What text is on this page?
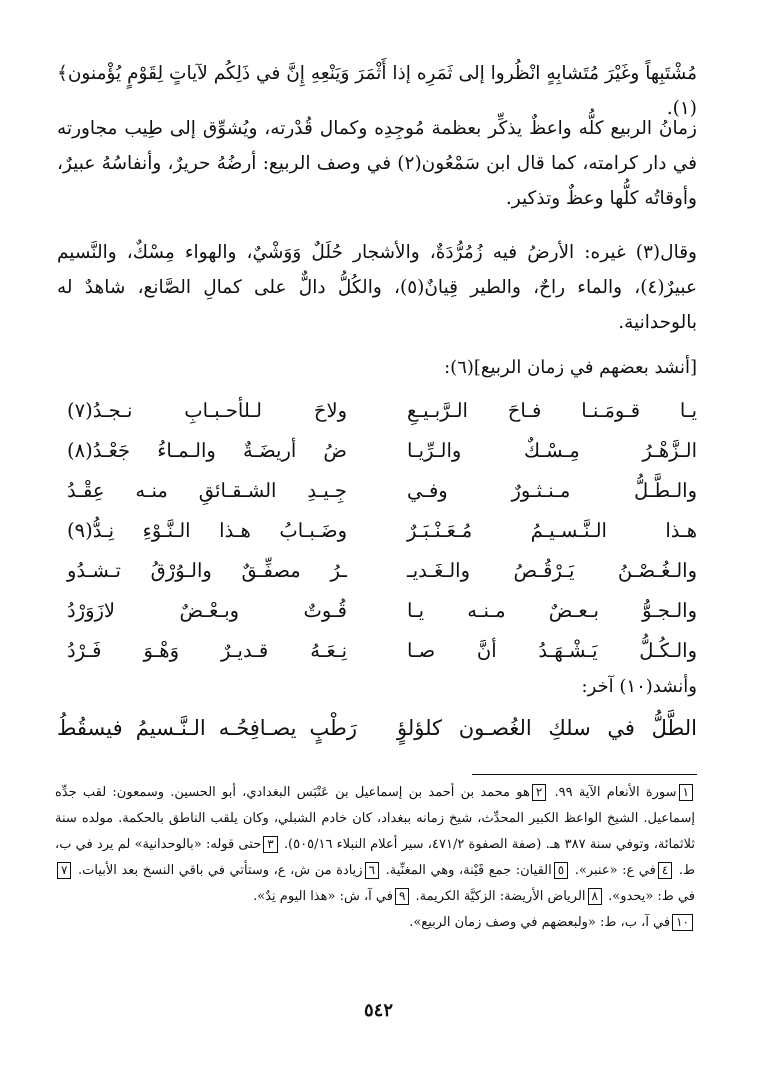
مُشْتَبِهاً وغَيْرَ مُتَشابِهٍ انْظُروا إلى ثَمَرِه إذا أَثْمَرَ وَيَنْعِهِ إِنَّ في ذَلِكُم لآياتٍ لِقَوْمٍ يُؤْمنون﴾(١).

زمانُ الربيع كلُّه واعظٌ يذكِّر بعظمة مُوجِدِه وكمال قُدْرته، ويُشوِّق إلى طِيب مجاورته في دار كرامته، كما قال ابن سَمْعُون(٢) في وصف الربيع: أرضُهُ حريرٌ، وأنفاسُهُ عبيرٌ، وأوقاتُه كلُّها وعظٌ وتذكير.

وقال(٣) غيره: الأرضُ فيه زُمُرُّدَةٌ، والأشجار حُلَلٌ وَوَشْيٌ، والهواء مِسْكٌ، والنَّسيم عبيرٌ(٤)، والماء راحٌ، والطير قِيانٌ(٥)، والكُلُّ دالٌّ على كمالِ الصَّانع، شاهدٌ له بالوحدانية.

[أنشد بعضهم في زمان الربيع](٦):
يـا قـومَـنـا فـاحَ الـرَّبـيـعِ
ولاحَ لـلأحـبـابِ نـجـدُ(٧)
الـزَّهْـرُ مِـسْـكٌ والـرِّيـا
ضُ أريضَـةٌ والـمـاءُ جَعْـدُ(٨)
والـطَّـلُّ مـنـثـورٌ وفـي
جِـيـدِ الشـقـائقِ منـه عِقْـدُ
هـذا الـنَّـسـيـمُ مُـعَـنْـبَـرٌ
وضَـبـابُ هـذا الـنَّـوْءِ نِـدُّ(٩)
والـغُـصْـنُ يَـرْقُـصُ والـغَـديـ
ـرُ مصفِّـقٌ والـوُرْقُ تـشـدُو
والـجـوُّ بـعـضٌ مـنـه يـا
قُـوتٌ وبـعْـضٌ لازَوَرْدُ
والـكُـلُّ يَـشْـهَـدُ أنَّ صـا
نِـعَـهُ قـديـرٌ وَهْـوَ فَـرْدُ
وأنشد(١٠) آخر:
الطَّلُّ في سلكِ الغُصـون كلؤلؤٍ
رَطْبٍ يصـافِحُـه الـنَّـسيمُ فيسقُطُ
١سورة الأنعام الآية ٩٩. ٢هو محمد بن أحمد بن إسماعيل بن عَنْبَس البغدادي، أبو الحسين. وسمعون: لقب جدِّه إسماعيل. الشيخ الواعظ الكبير المحدِّث، شيخ زمانه ببغداد، كان خادم الشبلي، وكان يلقب الناطق بالحكمة. مولده سنة ثلاثمائة، وتوفي سنة ٣٨٧ هـ. (صفة الصفوة ٤٧١/٢، سير أعلام النبلاء ٥٠٥/١٦). ٣حتى قوله: «بالوحدانية» لم يرد في ب، ط. ٤في ع: «عنبر». ٥القيان: جمع قَيْنة، وهي المغنِّية. ٦زيادة من ش، ع، وستأتي في باقي النسخ بعد الأبيات. ٧في ط: «يحدو». ٨الرياض الأريضة: الزكيَّة الكريمة. ٩في آ، ش: «هذا اليوم نِدٌ».
١٠في آ، ب، ط: «ولبعضهم في وصف زمان الربيع».
٥٤٢
